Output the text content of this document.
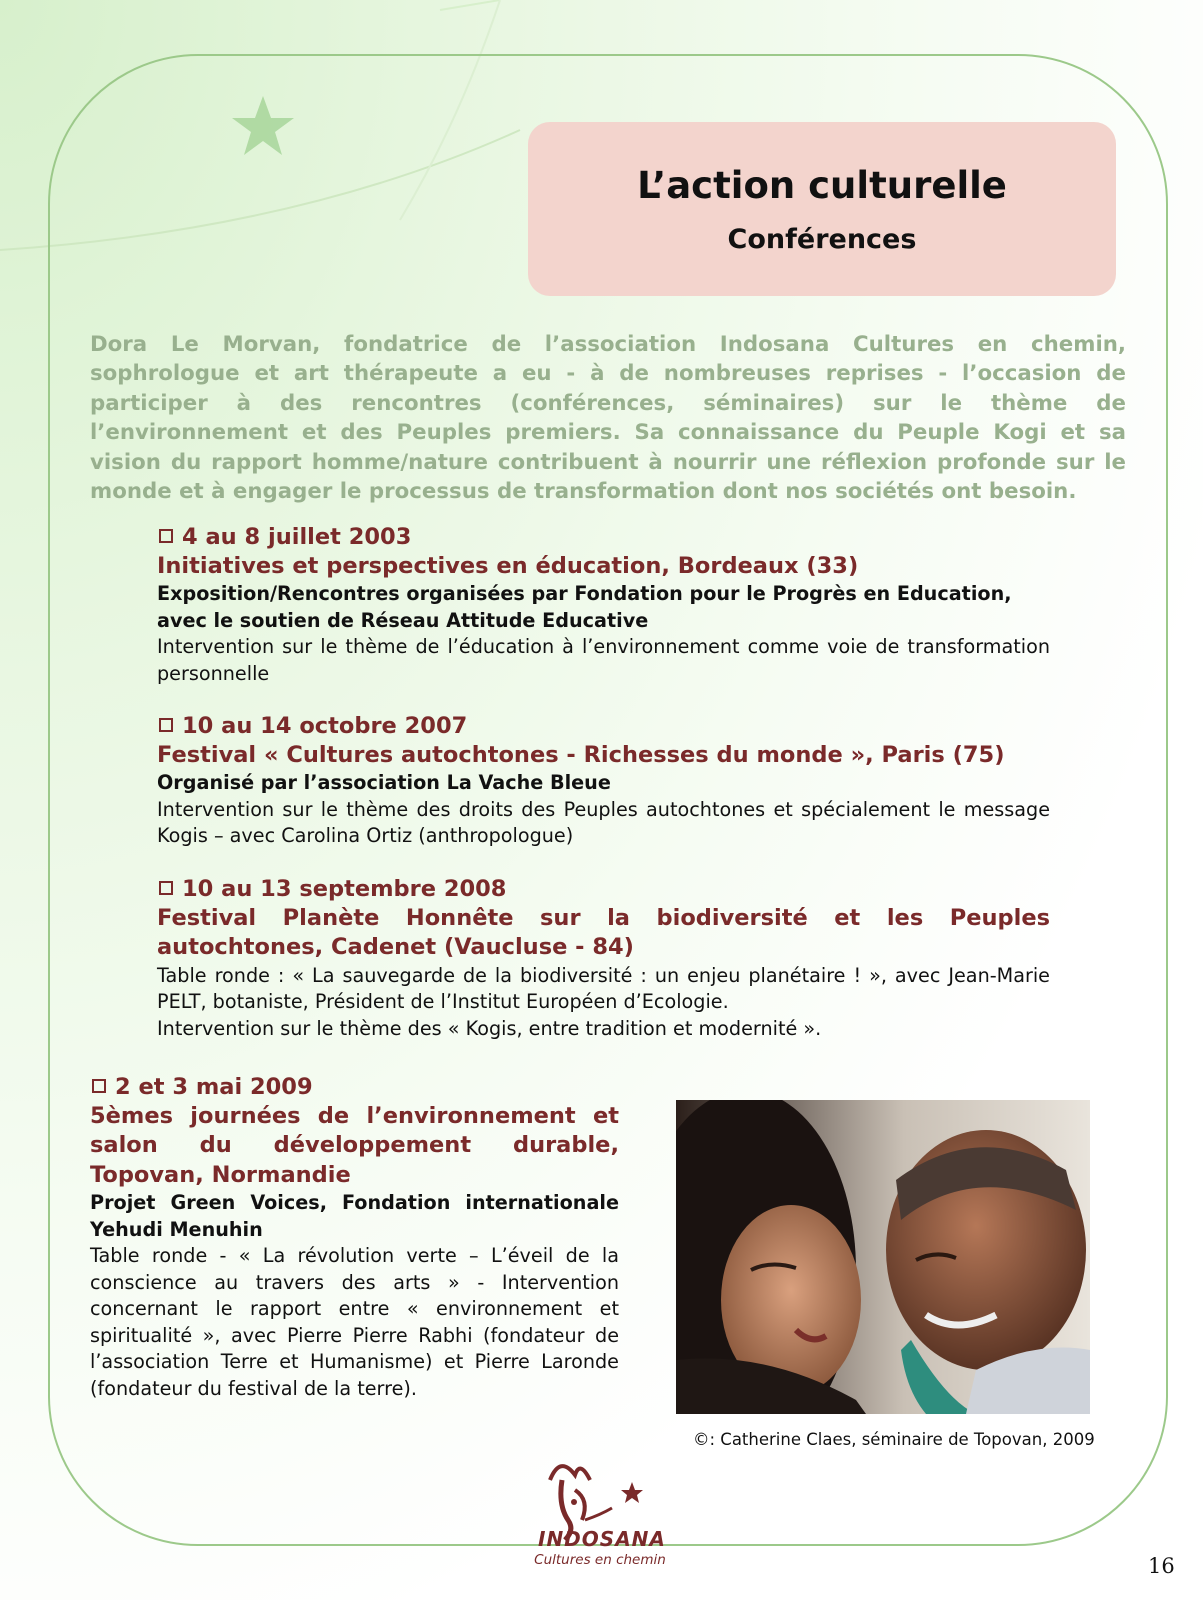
L’action culturelle
Conférences
Dora Le Morvan, fondatrice de l’association Indosana Cultures en chemin, sophrologue et art thérapeute a eu - à de nombreuses reprises - l’occasion de participer à des rencontres (conférences, séminaires) sur le thème de l’environnement et des Peuples premiers. Sa connaissance du Peuple Kogi et sa vision du rapport homme/nature contribuent à nourrir une réflexion profonde sur le monde et à engager le processus de transformation dont nos sociétés ont besoin.
4 au 8 juillet 2003
Initiatives et perspectives en éducation, Bordeaux (33)
Exposition/Rencontres organisées par Fondation pour le Progrès en Education, avec le soutien de Réseau Attitude Educative
Intervention sur le thème de l’éducation à l’environnement comme voie de transformation personnelle
10 au 14 octobre 2007
Festival « Cultures autochtones - Richesses du monde », Paris (75)
Organisé par l’association La Vache Bleue
Intervention sur le thème des droits des Peuples autochtones et spécialement le message Kogis – avec Carolina Ortiz (anthropologue)
10 au 13 septembre 2008
Festival Planète Honnête sur la biodiversité et les Peuples autochtones, Cadenet (Vaucluse - 84)
Table ronde : « La sauvegarde de la biodiversité : un enjeu planétaire ! », avec Jean-Marie PELT, botaniste, Président de l’Institut Européen d’Ecologie.
Intervention sur le thème des « Kogis, entre tradition et modernité ».
2 et 3 mai 2009
5èmes journées de l’environnement et salon du développement durable, Topovan, Normandie
Projet Green Voices, Fondation internationale Yehudi Menuhin
Table ronde - « La révolution verte – L’éveil de la conscience au travers des arts » - Intervention concernant le rapport entre « environnement et spiritualité », avec Pierre Pierre Rabhi (fondateur de l’association Terre et Humanisme) et Pierre Laronde (fondateur du festival de la terre).
©: Catherine Claes, séminaire de Topovan, 2009
INDOSANA
Cultures en chemin	16
